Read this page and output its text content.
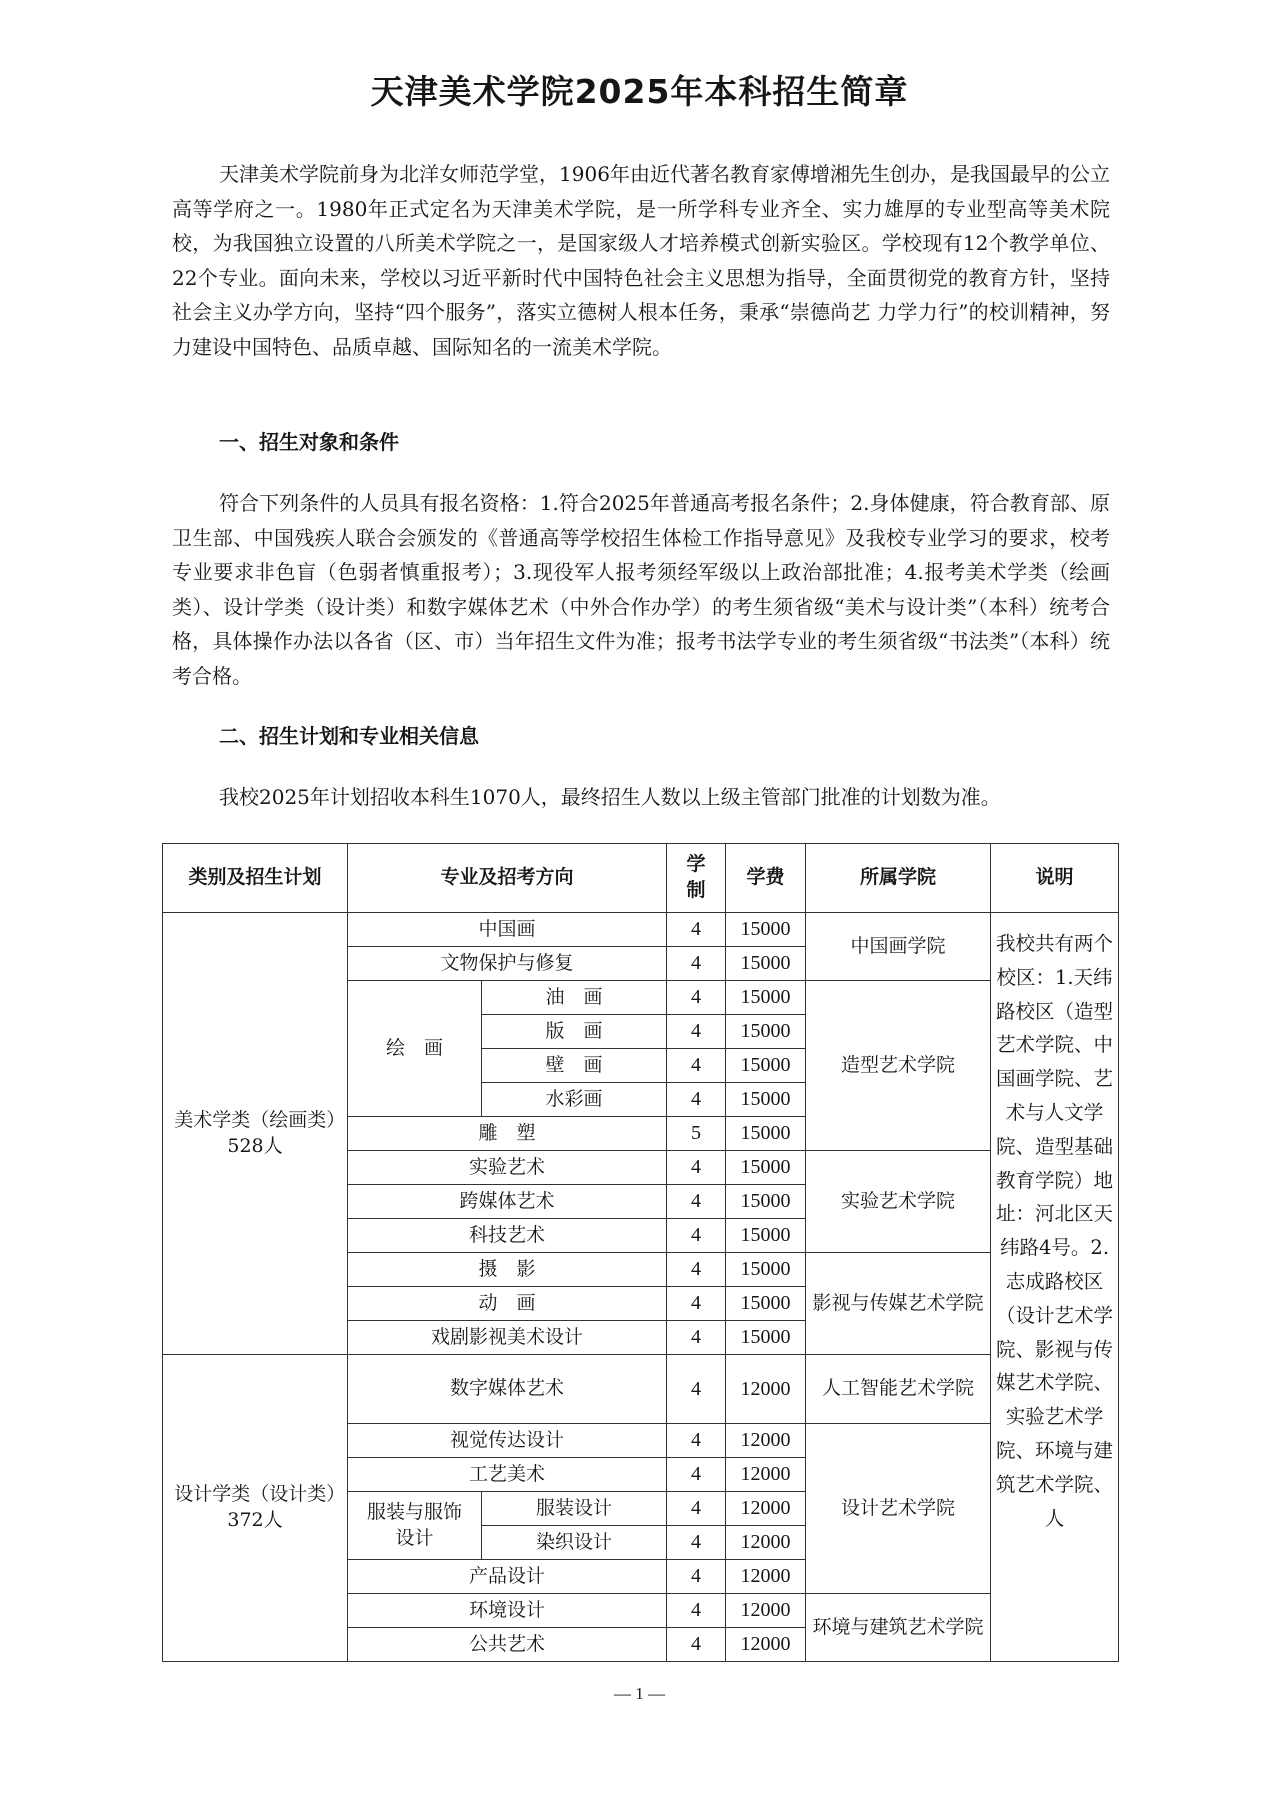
天津美术学院2025年本科招生简章

天津美术学院前身为北洋女师范学堂，1906年由近代著名教育家傅增湘先生创办，是我国最早的公立高等学府之一。1980年正式定名为天津美术学院，是一所学科专业齐全、实力雄厚的专业型高等美术院校，为我国独立设置的八所美术学院之一，是国家级人才培养模式创新实验区。学校现有12个教学单位、22个专业。面向未来，学校以习近平新时代中国特色社会主义思想为指导，全面贯彻党的教育方针，坚持社会主义办学方向，坚持“四个服务”，落实立德树人根本任务，秉承“崇德尚艺 力学力行”的校训精神，努力建设中国特色、品质卓越、国际知名的一流美术学院。

一、招生对象和条件

符合下列条件的人员具有报名资格：1.符合2025年普通高考报名条件；2.身体健康，符合教育部、原卫生部、中国残疾人联合会颁发的《普通高等学校招生体检工作指导意见》及我校专业学习的要求，校考专业要求非色盲（色弱者慎重报考）；3.现役军人报考须经军级以上政治部批准；4.报考美术学类（绘画类）、设计学类（设计类）和数字媒体艺术（中外合作办学）的考生须省级“美术与设计类”（本科）统考合格，具体操作办法以各省（区、市）当年招生文件为准；报考书法学专业的考生须省级“书法类”（本科）统考合格。

二、招生计划和专业相关信息

我校2025年计划招收本科生1070人，最终招生人数以上级主管部门批准的计划数为准。

类别及招生计划	专业及招考方向		学制	学费	所属学院	说明
美术学类（绘画类）528人	中国画		4	15000	中国画学院	我校共有两个校区：1.天纬路校区（造型艺术学院、中国画学院、艺术与人文学院、造型基础教育学院）地址：河北区天纬路4号。2.志成路校区（设计艺术学院、影视与传媒艺术学院、实验艺术学院、环境与建筑艺术学院、人
	文物保护与修复		4	15000		
	绘　画	油　画	4	15000	造型艺术学院	
		版　画	4	15000		
		壁　画	4	15000		
		水彩画	4	15000		
	雕　塑		5	15000		
	实验艺术		4	15000	实验艺术学院	
	跨媒体艺术		4	15000		
	科技艺术		4	15000		
	摄　影		4	15000	影视与传媒艺术学院	
	动　画		4	15000		
	戏剧影视美术设计		4	15000		
设计学类（设计类）372人	数字媒体艺术		4	12000	人工智能艺术学院	
	视觉传达设计		4	12000	设计艺术学院	
	工艺美术		4	12000		
	服装与服饰设计	服装设计	4	12000		
		染织设计	4	12000		
	产品设计		4	12000		
	环境设计		4	12000	环境与建筑艺术学院	
	公共艺术		4	12000		
— 1 —
